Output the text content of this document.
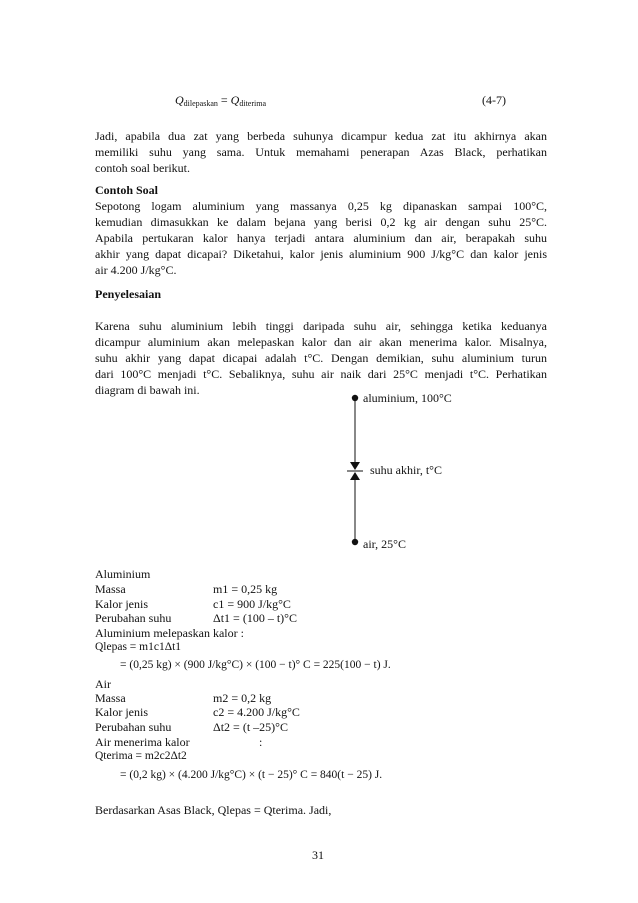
$Q_{dilepaskan} = Q_{diterima}$	(4-7)
Jadi, apabila dua zat yang berbeda suhunya dicampur kedua zat itu akhirnya akan
memiliki suhu yang sama. Untuk memahami penerapan Azas Black, perhatikan
contoh soal berikut.
Contoh Soal
Sepotong logam aluminium yang massanya 0,25 kg dipanaskan sampai 100°C,
kemudian dimasukkan ke dalam bejana yang berisi 0,2 kg air dengan suhu 25°C.
Apabila pertukaran kalor hanya terjadi antara aluminium dan air, berapakah suhu
akhir yang dapat dicapai? Diketahui, kalor jenis aluminium 900 J/kg°C dan kalor jenis
air 4.200 J/kg°C.
Penyelesaian
Karena suhu aluminium lebih tinggi daripada suhu air, sehingga ketika keduanya
dicampur aluminium akan melepaskan kalor dan air akan menerima kalor. Misalnya,
suhu akhir yang dapat dicapai adalah t°C. Dengan demikian, suhu aluminium turun
dari 100°C menjadi t°C. Sebaliknya, suhu air naik dari 25°C menjadi t°C. Perhatikan
diagram di bawah ini.
aluminium, 100°C
suhu akhir, t°C
air, 25°C
Aluminium
Massa	m1 = 0,25 kg
Kalor jenis	c1 = 900 J/kg°C
Perubahan suhu	Δt1 = (100 – t)°C
Aluminium melepaskan kalor :
Qlepas = m1c1Δt1
= (0,25 kg) × (900 J/kg°C) × (100 − t)° C = 225(100 − t) J.
Air
Massa	m2 = 0,2 kg
Kalor jenis	c2 = 4.200 J/kg°C
Perubahan suhu	Δt2 = (t –25)°C
Air menerima kalor	:
Qterima = m2c2Δt2
= (0,2 kg) × (4.200 J/kg°C) × (t − 25)° C = 840(t − 25) J.
Berdasarkan Asas Black, Qlepas = Qterima. Jadi,
31
